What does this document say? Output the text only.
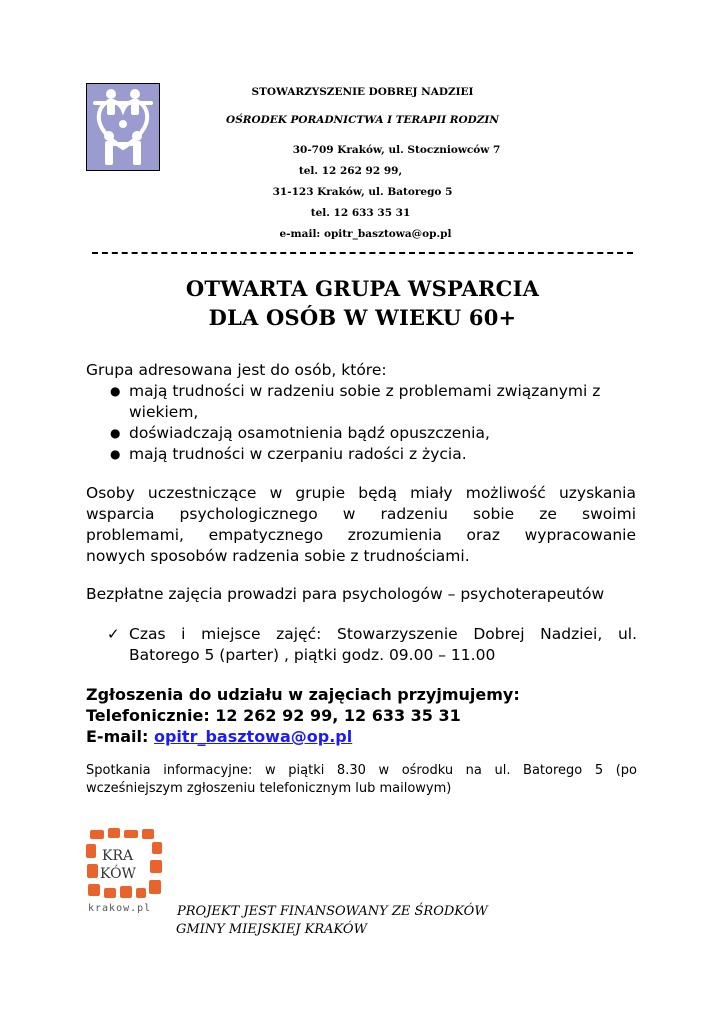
STOWARZYSZENIE DOBREJ NADZIEI
OŚRODEK PORADNICTWA I TERAPII RODZIN
30-709 Kraków, ul. Stoczniowców 7
tel. 12 262 92 99,
31-123 Kraków, ul. Batorego 5
tel. 12 633 35 31
e-mail: opitr_basztowa@op.pl
OTWARTA GRUPA WSPARCIA
DLA OSÓB W WIEKU 60+
Grupa adresowana jest do osób, które:
● mają trudności w radzeniu sobie z problemami związanymi z
wiekiem,
● doświadczają osamotnienia bądź opuszczenia,
● mają trudności w czerpaniu radości z życia.
Osoby uczestniczące w grupie będą miały możliwość uzyskania
wsparcia psychologicznego w radzeniu sobie ze swoimi
problemami, empatycznego zrozumienia oraz wypracowanie
nowych sposobów radzenia sobie z trudnościami.
Bezpłatne zajęcia prowadzi para psychologów – psychoterapeutów
✓ Czas i miejsce zajęć: Stowarzyszenie Dobrej Nadziei, ul.
Batorego 5 (parter) , piątki godz. 09.00 – 11.00
Zgłoszenia do udziału w zajęciach przyjmujemy:
Telefonicznie: 12 262 92 99, 12 633 35 31
E-mail: opitr_basztowa@op.pl
Spotkania informacyjne: w piątki 8.30 w ośrodku na ul. Batorego 5 (po
wcześniejszym zgłoszeniu telefonicznym lub mailowym)
KRA
KÓW
krakow.pl PROJEKT JEST FINANSOWANY ZE ŚRODKÓW
GMINY MIEJSKIEJ KRAKÓW
